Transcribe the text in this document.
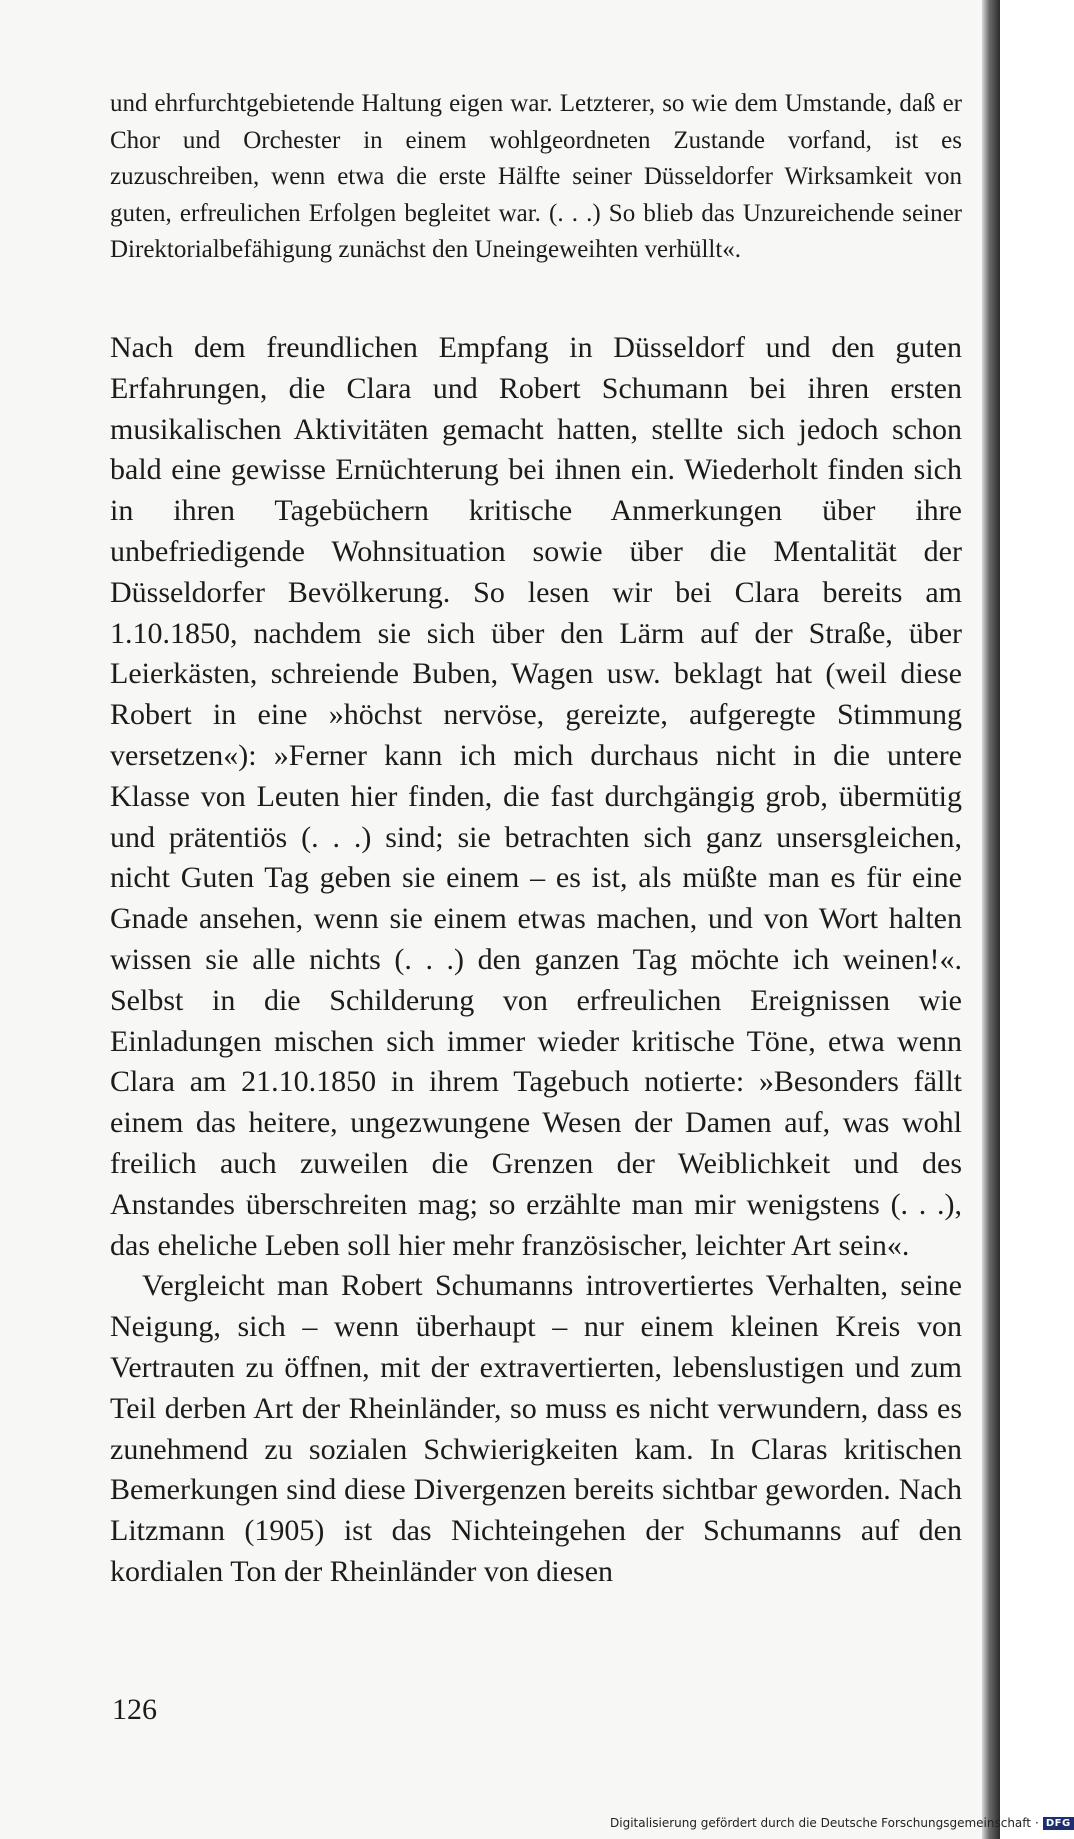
und ehrfurchtgebietende Haltung eigen war. Letzterer, so wie dem Umstande, daß er Chor und Orchester in einem wohlgeordneten Zustande vorfand, ist es zuzuschreiben, wenn etwa die erste Hälfte seiner Düsseldorfer Wirksamkeit von guten, erfreulichen Erfolgen begleitet war. (. . .) So blieb das Unzureichende seiner Direktorialbefähigung zunächst den Uneingeweihten verhüllt«.

Nach dem freundlichen Empfang in Düsseldorf und den guten Erfahrungen, die Clara und Robert Schumann bei ihren ersten musikalischen Aktivitäten gemacht hatten, stellte sich jedoch schon bald eine gewisse Ernüchterung bei ihnen ein. Wiederholt finden sich in ihren Tagebüchern kritische Anmerkungen über ihre unbefriedigende Wohnsituation sowie über die Mentalität der Düsseldorfer Bevölkerung. So lesen wir bei Clara bereits am 1.10.1850, nachdem sie sich über den Lärm auf der Straße, über Leierkästen, schreiende Buben, Wagen usw. beklagt hat (weil diese Robert in eine »höchst nervöse, gereizte, aufgeregte Stimmung versetzen«): »Ferner kann ich mich durchaus nicht in die untere Klasse von Leuten hier finden, die fast durchgängig grob, übermütig und prätentiös (. . .) sind; sie betrachten sich ganz unsersgleichen, nicht Guten Tag geben sie einem – es ist, als müßte man es für eine Gnade ansehen, wenn sie einem etwas machen, und von Wort halten wissen sie alle nichts (. . .) den ganzen Tag möchte ich weinen!«. Selbst in die Schilderung von erfreulichen Ereignissen wie Einladungen mischen sich immer wieder kritische Töne, etwa wenn Clara am 21.10.1850 in ihrem Tagebuch notierte: »Besonders fällt einem das heitere, ungezwungene Wesen der Damen auf, was wohl freilich auch zuweilen die Grenzen der Weiblichkeit und des Anstandes überschreiten mag; so erzählte man mir wenigstens (. . .), das eheliche Leben soll hier mehr französischer, leichter Art sein«.

Vergleicht man Robert Schumanns introvertiertes Verhalten, seine Neigung, sich – wenn überhaupt – nur einem kleinen Kreis von Vertrauten zu öffnen, mit der extravertierten, lebenslustigen und zum Teil derben Art der Rheinländer, so muss es nicht verwundern, dass es zunehmend zu sozialen Schwierigkeiten kam. In Claras kritischen Bemerkungen sind diese Divergenzen bereits sichtbar geworden. Nach Litzmann (1905) ist das Nichteingehen der Schumanns auf den kordialen Ton der Rheinländer von diesen

126
Digitalisierung gefördert durch die Deutsche Forschungsgemeinschaft · DFG
